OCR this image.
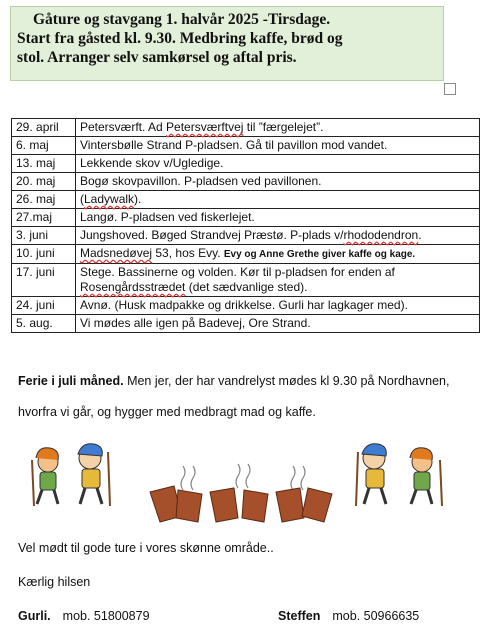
Gåture og stavgang 1. halvår 2025 -Tirsdage.
Start fra gåsted kl. 9.30. Medbring kaffe, brød og
stol. Arranger selv samkørsel og aftal pris.
29. april	Petersværft. Ad Petersværftvej til ”færgelejet”.
6. maj	Vintersbølle Strand P-pladsen. Gå til pavillon mod vandet.
13. maj	Lekkende skov v/Ugledige.
20. maj	Bogø skovpavillon. P-pladsen ved pavillonen.
26. maj	(Ladywalk).
27.maj	Langø. P-pladsen ved fiskerlejet.
3. juni	Jungshoved. Bøged Strandvej Præstø. P-plads v/rhododendron.
10. juni	Madsnedøvej 53, hos Evy. Evy og Anne Grethe giver kaffe og kage.
17. juni	Stege. Bassinerne og volden. Kør til p-pladsen for enden af Rosengårdsstrædet (det sædvanlige sted).
24. juni	Avnø. (Husk madpakke og drikkelse. Gurli har lagkager med).
5. aug.	Vi mødes alle igen på Badevej, Ore Strand.
Ferie i juli måned. Men jer, der har vandrelyst mødes kl 9.30 på Nordhavnen,
hvorfra vi går, og hygger med medbragt mad og kaffe.
Vel mødt til gode ture i vores skønne område..
Kærlig hilsen
Gurli. mob. 51800879	Steffen mob. 50966635
